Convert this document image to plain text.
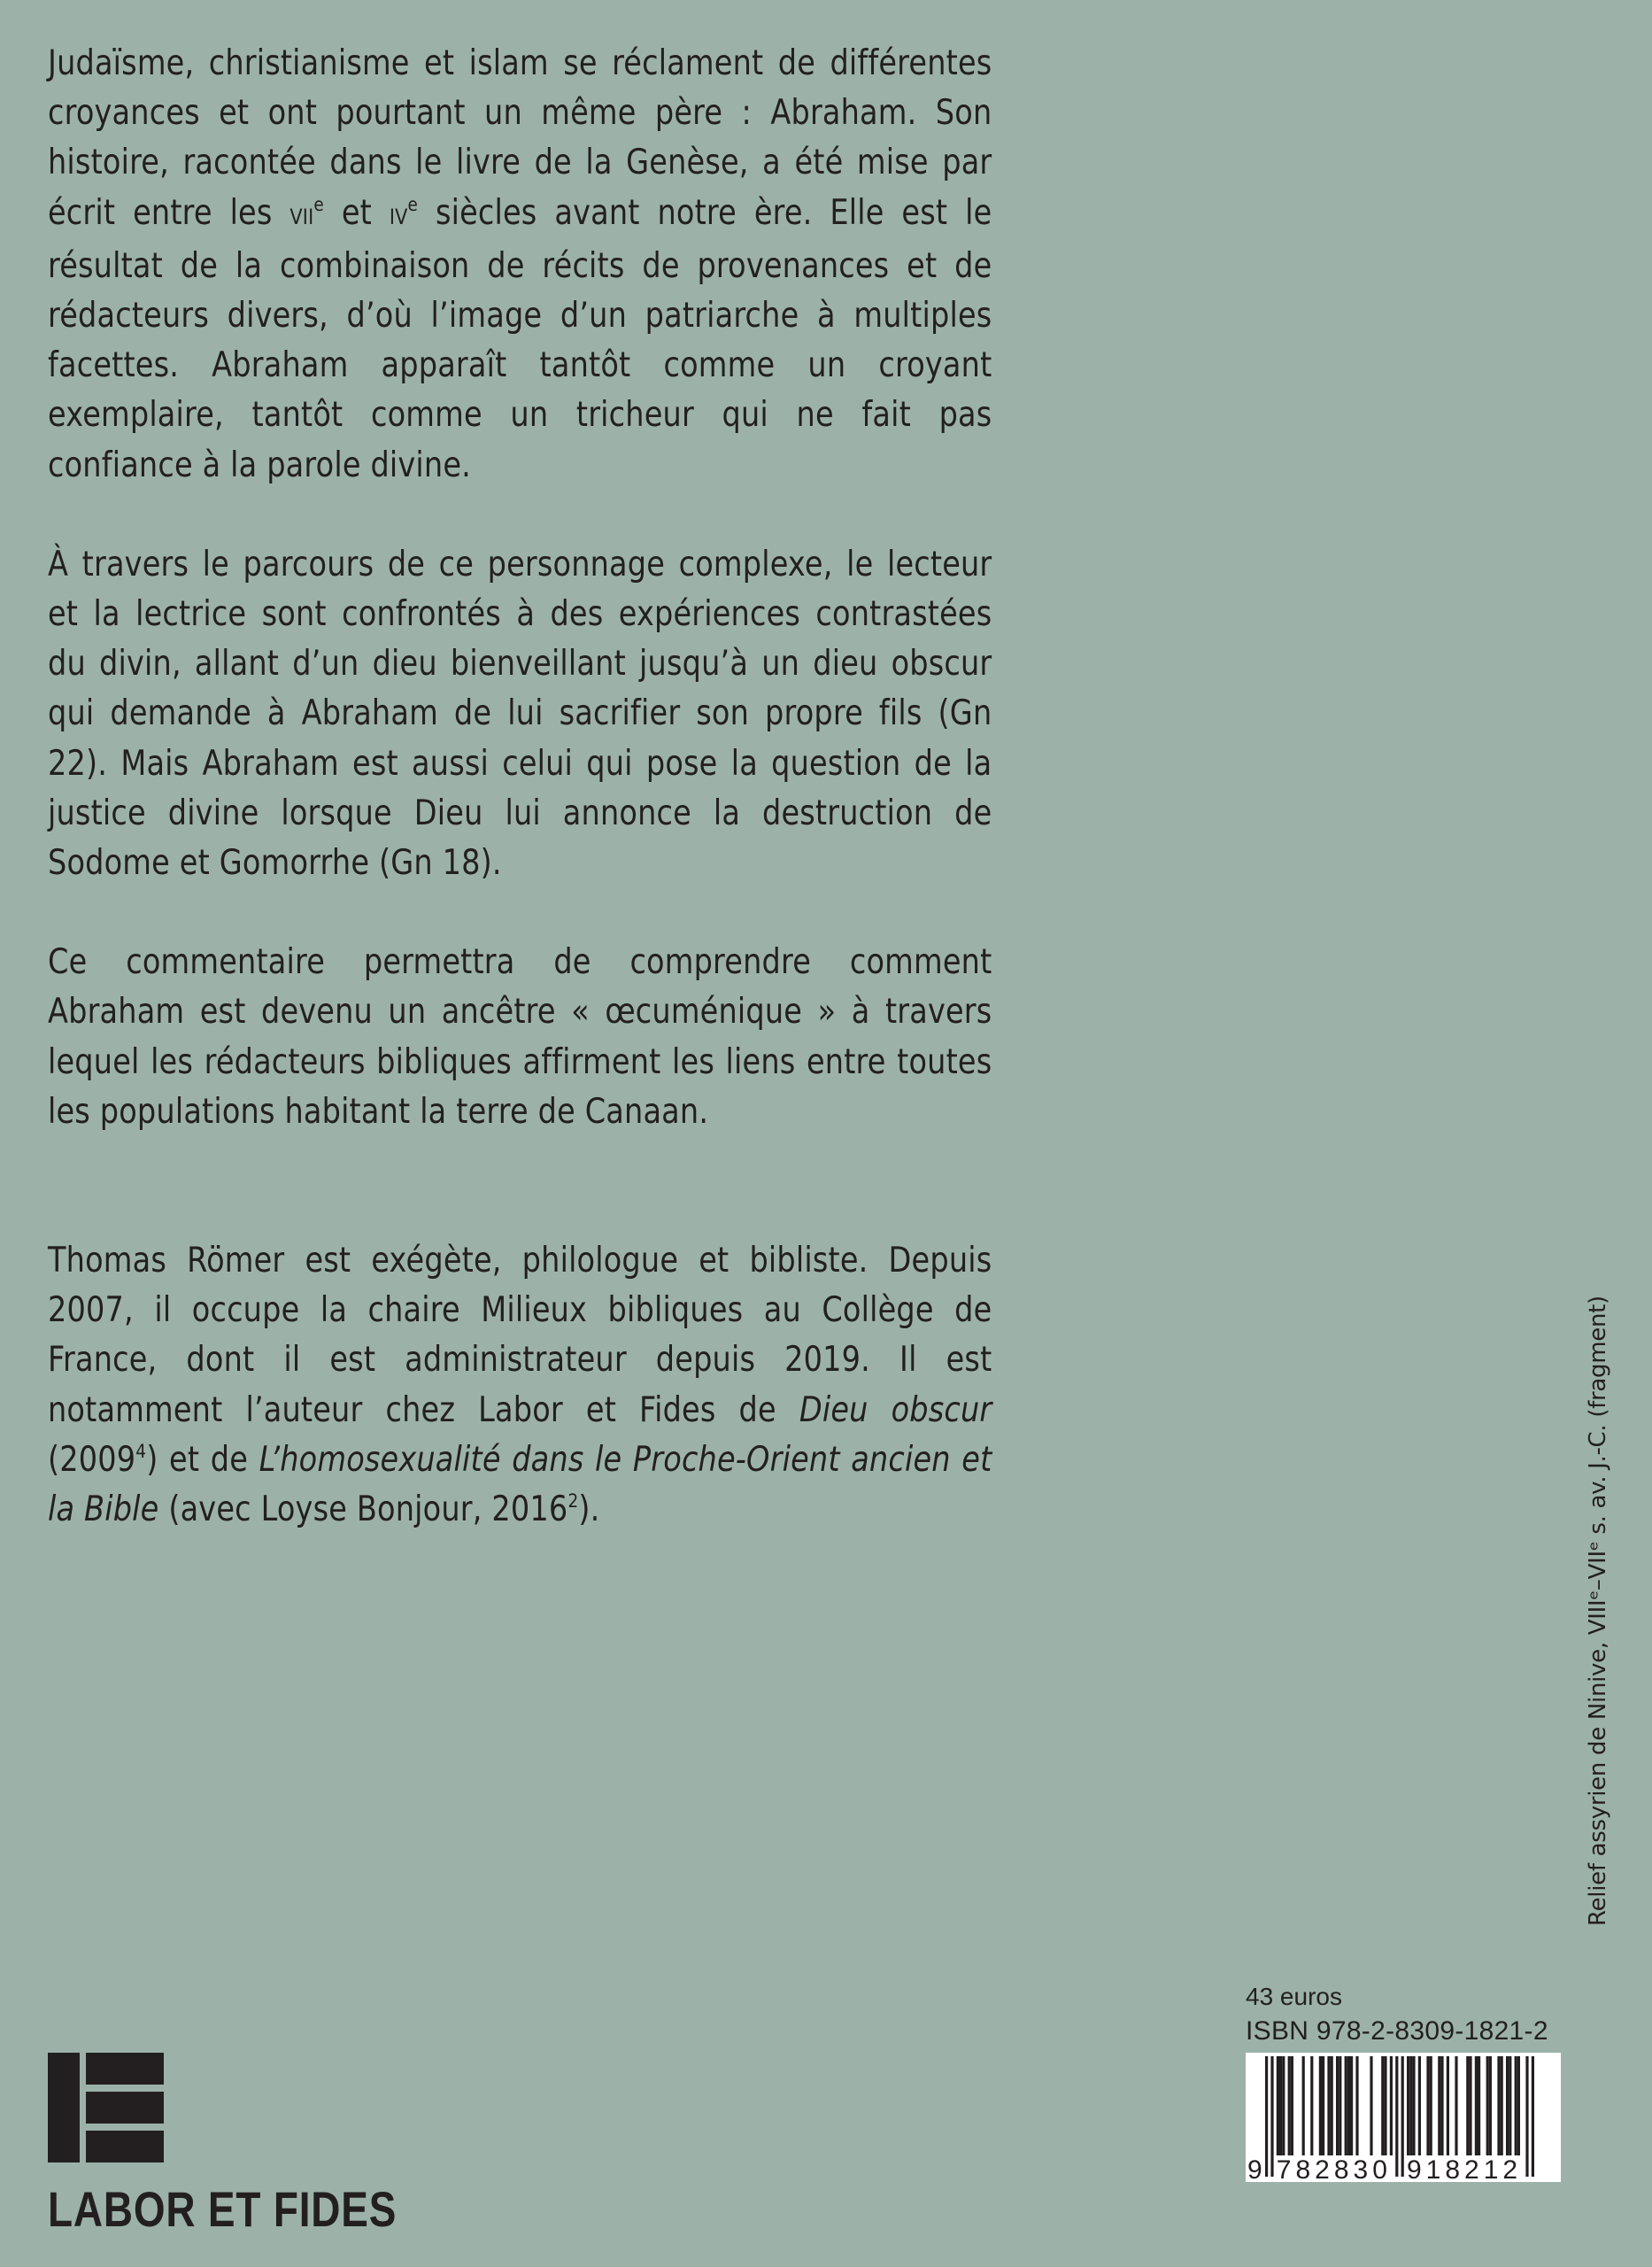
Judaïsme, christianisme et islam se réclament de différentes croyances et ont pourtant un même père : Abraham. Son histoire, racontée dans le livre de la Genèse, a été mise par écrit entre les VIIe et IVe siècles avant notre ère. Elle est le résultat de la combinaison de récits de provenances et de rédacteurs divers, d’où l’image d’un patriarche à multiples facettes. Abraham apparaît tantôt comme un croyant exemplaire, tantôt comme un tricheur qui ne fait pas confiance à la parole divine.

À travers le parcours de ce personnage complexe, le lecteur et la lectrice sont confrontés à des expériences contrastées du divin, allant d’un dieu bienveillant jusqu’à un dieu obscur qui demande à Abraham de lui sacrifier son propre fils (Gn 22). Mais Abraham est aussi celui qui pose la question de la justice divine lorsque Dieu lui annonce la destruction de Sodome et Gomorrhe (Gn 18).

Ce commentaire permettra de comprendre comment Abraham est devenu un ancêtre « œcuménique » à travers lequel les rédacteurs bibliques affirment les liens entre toutes les populations habitant la terre de Canaan.

Thomas Römer est exégète, philologue et bibliste. Depuis 2007, il occupe la chaire Milieux bibliques au Collège de France, dont il est administrateur depuis 2019. Il est notamment l’auteur chez Labor et Fides de Dieu obscur (2009$^4$) et de L’homosexualité dans le Proche-Orient ancien et la Bible (avec Loyse Bonjour, 2016$^2$).	Relief assyrien de Ninive, VIIIᵉ–VIIᵉ s. av. J.-C. (fragment)
43 euros
ISBN 978-2-8309-1821-2
9 782830 918212
LABOR ET FIDES
